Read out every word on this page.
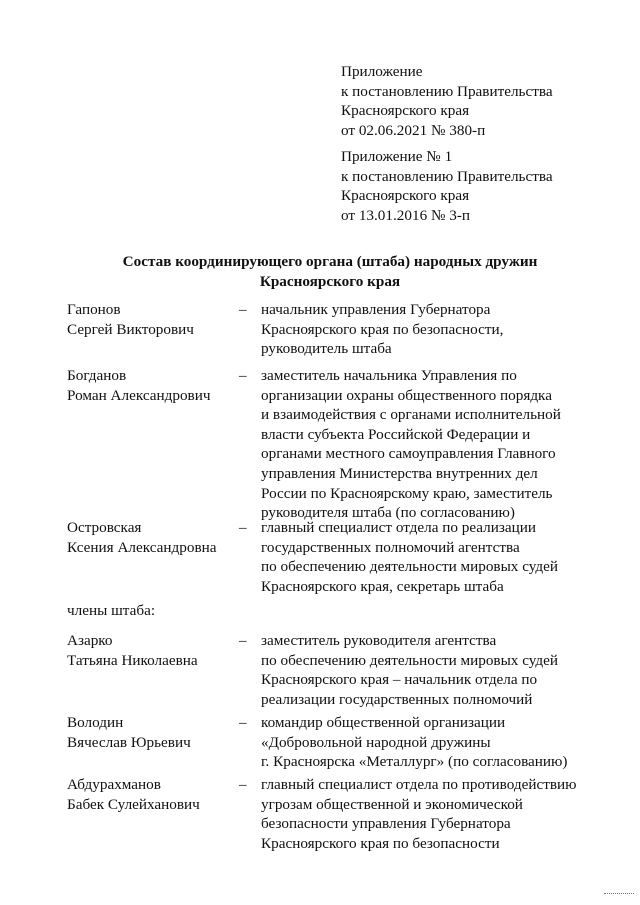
Приложение
к постановлению Правительства
Красноярского края
от 02.06.2021 № 380-п
Приложение № 1
к постановлению Правительства
Красноярского края
от 13.01.2016 № 3-п
Состав координирующего органа (штаба) народных дружин
Красноярского края
Гапонов
Сергей Викторович
– начальник управления Губернатора
Красноярского края по безопасности,
руководитель штаба
Богданов
Роман Александрович
– заместитель начальника Управления по
организации охраны общественного порядка
и взаимодействия с органами исполнительной
власти субъекта Российской Федерации и
органами местного самоуправления Главного
управления Министерства внутренних дел
России по Красноярскому краю, заместитель
руководителя штаба (по согласованию)
Островская
Ксения Александровна
– главный специалист отдела по реализации
государственных полномочий агентства
по обеспечению деятельности мировых судей
Красноярского края, секретарь штаба
члены штаба:
Азарко
Татьяна Николаевна
– заместитель руководителя агентства
по обеспечению деятельности мировых судей
Красноярского края – начальник отдела по
реализации государственных полномочий
Володин
Вячеслав Юрьевич
– командир общественной организации
«Добровольной народной дружины
г. Красноярска «Металлург» (по согласованию)
Абдурахманов
Бабек Сулейханович
– главный специалист отдела по противодействию
угрозам общественной и экономической
безопасности управления Губернатора
Красноярского края по безопасности
